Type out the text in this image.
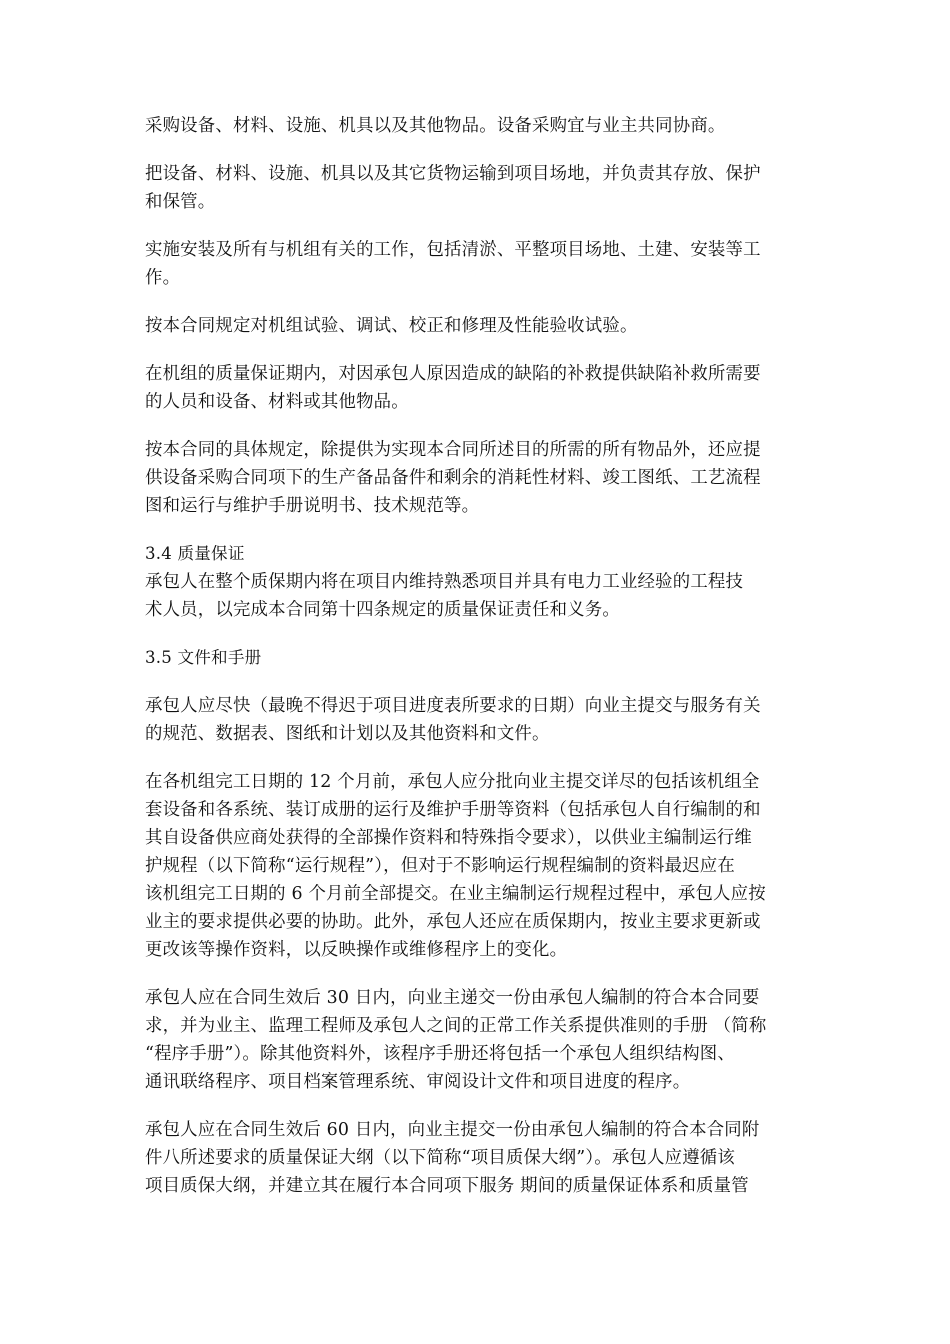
采购设备、材料、设施、机具以及其他物品。设备采购宜与业主共同协商。

把设备、材料、设施、机具以及其它货物运输到项目场地，并负责其存放、保护
和保管。

实施安装及所有与机组有关的工作，包括清淤、平整项目场地、土建、安装等工
作。

按本合同规定对机组试验、调试、校正和修理及性能验收试验。

在机组的质量保证期内，对因承包人原因造成的缺陷的补救提供缺陷补救所需要
的人员和设备、材料或其他物品。

按本合同的具体规定，除提供为实现本合同所述目的所需的所有物品外，还应提
供设备采购合同项下的生产备品备件和剩余的消耗性材料、竣工图纸、工艺流程
图和运行与维护手册说明书、技术规范等。

3.4 质量保证
承包人在整个质保期内将在项目内维持熟悉项目并具有电力工业经验的工程技
术人员，以完成本合同第十四条规定的质量保证责任和义务。

3.5 文件和手册

承包人应尽快（最晚不得迟于项目进度表所要求的日期）向业主提交与服务有关
的规范、数据表、图纸和计划以及其他资料和文件。

在各机组完工日期的 12 个月前，承包人应分批向业主提交详尽的包括该机组全
套设备和各系统、装订成册的运行及维护手册等资料（包括承包人自行编制的和
其自设备供应商处获得的全部操作资料和特殊指令要求），以供业主编制运行维
护规程（以下简称“运行规程”），但对于不影响运行规程编制的资料最迟应在
该机组完工日期的 6 个月前全部提交。在业主编制运行规程过程中，承包人应按
业主的要求提供必要的协助。此外，承包人还应在质保期内，按业主要求更新或
更改该等操作资料，以反映操作或维修程序上的变化。

承包人应在合同生效后 30 日内，向业主递交一份由承包人编制的符合本合同要
求，并为业主、监理工程师及承包人之间的正常工作关系提供准则的手册 （简称
“程序手册”）。除其他资料外，该程序手册还将包括一个承包人组织结构图、
通讯联络程序、项目档案管理系统、审阅设计文件和项目进度的程序。

承包人应在合同生效后 60 日内，向业主提交一份由承包人编制的符合本合同附
件八所述要求的质量保证大纲（以下简称“项目质保大纲”）。承包人应遵循该
项目质保大纲，并建立其在履行本合同项下服务 期间的质量保证体系和质量管
